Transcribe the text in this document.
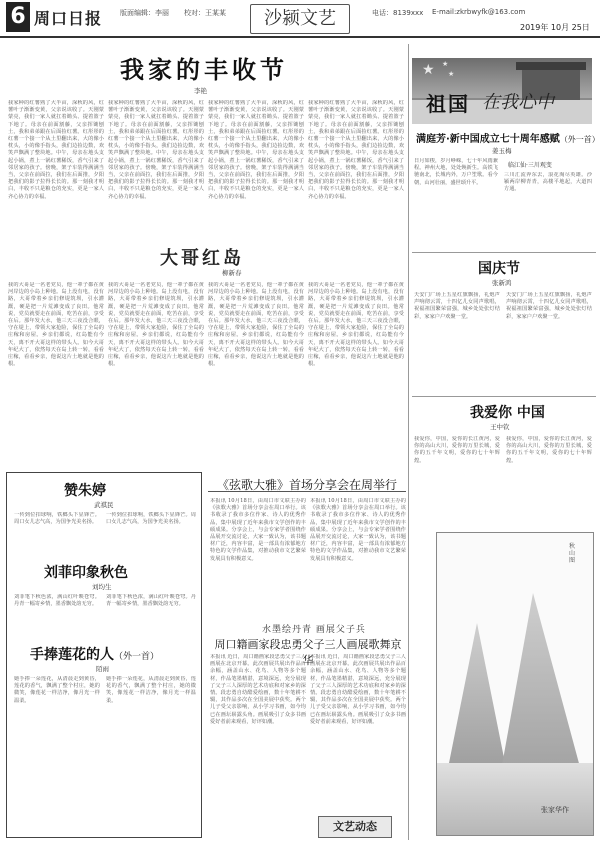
6 周口日报	版面编辑：李丽 校对：王某某	沙颍文艺	电话：8139xxx E-mail:zkrbwyfk@163.com
2019年 10月 25日
我家的丰收节
李艳
我家种的红薯熟了大半亩，深秋的风，红薯叶子渐渐变黄，父亲说该收了。天刚蒙蒙亮，我们一家人就扛着锄头、提着篮子下地了。母亲在前面割藤，父亲挥锄刨土，我和弟弟跟在后面捡红薯。红彤彤的红薯一个接一个从土里翻出来，大的像小枕头，小的像手指头，我们边捡边数，欢笑声飘满了整块地。中午，母亲在地头支起小锅，煮上一锅红薯稀饭，香气引来了邻居家的孩子。傍晚，架子车装得满满当当，父亲在前面拉，我们在后面推，夕阳把我们的影子拉得长长的。那一刻我才明白，丰收不只是粮仓的充实，更是一家人齐心协力的幸福。
我家种的红薯熟了大半亩，深秋的风，红薯叶子渐渐变黄，父亲说该收了。天刚蒙蒙亮，我们一家人就扛着锄头、提着篮子下地了。母亲在前面割藤，父亲挥锄刨土，我和弟弟跟在后面捡红薯。红彤彤的红薯一个接一个从土里翻出来，大的像小枕头，小的像手指头，我们边捡边数，欢笑声飘满了整块地。中午，母亲在地头支起小锅，煮上一锅红薯稀饭，香气引来了邻居家的孩子。傍晚，架子车装得满满当当，父亲在前面拉，我们在后面推，夕阳把我们的影子拉得长长的。那一刻我才明白，丰收不只是粮仓的充实，更是一家人齐心协力的幸福。
我家种的红薯熟了大半亩，深秋的风，红薯叶子渐渐变黄，父亲说该收了。天刚蒙蒙亮，我们一家人就扛着锄头、提着篮子下地了。母亲在前面割藤，父亲挥锄刨土，我和弟弟跟在后面捡红薯。红彤彤的红薯一个接一个从土里翻出来，大的像小枕头，小的像手指头，我们边捡边数，欢笑声飘满了整块地。中午，母亲在地头支起小锅，煮上一锅红薯稀饭，香气引来了邻居家的孩子。傍晚，架子车装得满满当当，父亲在前面拉，我们在后面推，夕阳把我们的影子拉得长长的。那一刻我才明白，丰收不只是粮仓的充实，更是一家人齐心协力的幸福。
我家种的红薯熟了大半亩，深秋的风，红薯叶子渐渐变黄，父亲说该收了。天刚蒙蒙亮，我们一家人就扛着锄头、提着篮子下地了。母亲在前面割藤，父亲挥锄刨土，我和弟弟跟在后面捡红薯。红彤彤的红薯一个接一个从土里翻出来，大的像小枕头，小的像手指头，我们边捡边数，欢笑声飘满了整块地。中午，母亲在地头支起小锅，煮上一锅红薯稀饭，香气引来了邻居家的孩子。傍晚，架子车装得满满当当，父亲在前面拉，我们在后面推，夕阳把我们的影子拉得长长的。那一刻我才明白，丰收不只是粮仓的充实，更是一家人齐心协力的幸福。
大哥红岛
柳新春
我的大哥是一名老党员，他一辈子都在黄河岸边的小岛上种地。岛上没有电，没有路，大哥带着乡亲们修堤筑坝，引水灌溉，硬是把一片荒滩变成了良田。他常说，党员就要走在前面，吃苦在前，享受在后。那年发大水，他三天三夜没合眼，守在堤上，带领大家抢险，保住了全岛的庄稼和房屋。乡亲们都说，红岛能有今天，离不开大哥这样的带头人。如今大哥年纪大了，依然每天在岛上转一转，看看庄稼，看看乡亲，他说这片土地就是他的根。
我的大哥是一名老党员，他一辈子都在黄河岸边的小岛上种地。岛上没有电，没有路，大哥带着乡亲们修堤筑坝，引水灌溉，硬是把一片荒滩变成了良田。他常说，党员就要走在前面，吃苦在前，享受在后。那年发大水，他三天三夜没合眼，守在堤上，带领大家抢险，保住了全岛的庄稼和房屋。乡亲们都说，红岛能有今天，离不开大哥这样的带头人。如今大哥年纪大了，依然每天在岛上转一转，看看庄稼，看看乡亲，他说这片土地就是他的根。
我的大哥是一名老党员，他一辈子都在黄河岸边的小岛上种地。岛上没有电，没有路，大哥带着乡亲们修堤筑坝，引水灌溉，硬是把一片荒滩变成了良田。他常说，党员就要走在前面，吃苦在前，享受在后。那年发大水，他三天三夜没合眼，守在堤上，带领大家抢险，保住了全岛的庄稼和房屋。乡亲们都说，红岛能有今天，离不开大哥这样的带头人。如今大哥年纪大了，依然每天在岛上转一转，看看庄稼，看看乡亲，他说这片土地就是他的根。
我的大哥是一名老党员，他一辈子都在黄河岸边的小岛上种地。岛上没有电，没有路，大哥带着乡亲们修堤筑坝，引水灌溉，硬是把一片荒滩变成了良田。他常说，党员就要走在前面，吃苦在前，享受在后。那年发大水，他三天三夜没合眼，守在堤上，带领大家抢险，保住了全岛的庄稼和房屋。乡亲们都说，红岛能有今天，离不开大哥这样的带头人。如今大哥年纪大了，依然每天在岛上转一转，看看庄稼，看看乡亲，他说这片土地就是他的根。
★ ★
★
祖国 在我心中
满庭芳·新中国成立七十周年感赋（外一首）
姜玉梅
日月如梭，岁月峥嵘，七十年风雨兼程。神州大地，处处焕新生。高铁飞驰南北，长城内外，万户笙歌。看今朝，山河壮丽，盛世颂升平。
临江仙·三川观变
三川汇流奔东去，浪花淘尽英雄。沙颍两岸柳青青，高楼平地起，大道四方通。
国庆节
张新鸿
天安门广场上五星红旗飘扬，礼炮声声响彻云霄，十四亿儿女同声歌唱，祝福祖国繁荣富强，城乡处处张灯结彩，家家户户欢聚一堂。
天安门广场上五星红旗飘扬，礼炮声声响彻云霄，十四亿儿女同声歌唱，祝福祖国繁荣富强，城乡处处张灯结彩，家家户户欢聚一堂。
我爱你 中国
王中钦
我爱你，中国，爱你的长江黄河，爱你的高山大川，爱你的万里长城，爱你的五千年文明，爱你的七十年辉煌。
我爱你，中国，爱你的长江黄河，爱你的高山大川，爱你的万里长城，爱你的五千年文明，爱你的七十年辉煌。
秋山图
张家华作
赞朱婷
武祺民
一传到位扣球响，铁榔头下显锋芒。周口女儿志气高，为国争光美名扬。
一传到位扣球响，铁榔头下显锋芒。周口女儿志气高，为国争光美名扬。
刘菲印象秋色
刘均生
刘菲笔下秋色浓，满山红叶映苍穹。丹青一幅寄乡情，墨香飘处韵无穷。
刘菲笔下秋色浓，满山红叶映苍穹。丹青一幅寄乡情，墨香飘处韵无穷。
手捧莲花的人（外一首）
陌雨
她手捧一朵莲花，从清晨走到黄昏，莲花的香气，飘满了整个村庄，她的微笑，像莲花一样洁净，像月光一样温柔。
她手捧一朵莲花，从清晨走到黄昏，莲花的香气，飘满了整个村庄，她的微笑，像莲花一样洁净，像月光一样温柔。
《弦歌大雅》首场分享会在周举行
本报讯 10月18日，由周口市文联主办的《弦歌大雅》首场分享会在周口举行。该书收录了我市多位作家、诗人的优秀作品，集中展现了近年来我市文学创作的丰硕成果。分享会上，与会专家学者围绕作品展开交流讨论，大家一致认为，该书题材广泛，内容丰富，是一部具有浓郁地方特色的文学作品集，对推动我市文艺繁荣发展具有积极意义。
本报讯 10月18日，由周口市文联主办的《弦歌大雅》首场分享会在周口举行。该书收录了我市多位作家、诗人的优秀作品，集中展现了近年来我市文学创作的丰硕成果。分享会上，与会专家学者围绕作品展开交流讨论，大家一致认为，该书题材广泛，内容丰富，是一部具有浓郁地方特色的文学作品集，对推动我市文艺繁荣发展具有积极意义。
水墨绘丹青 画展父子兵
周口籍画家段忠勇父子三人画展歌舞京华
本报讯 近日，周口籍画家段忠勇父子三人画展在北京开幕。此次画展共展出作品百余幅，涵盖山水、花鸟、人物等多个题材，作品笔墨精湛，意境深远，充分展现了父子三人深厚的艺术功底和对家乡的深情。段忠勇自幼酷爱绘画，数十年笔耕不辍，其作品多次在全国美展中获奖。两个儿子受父亲影响，从小学习书画，如今均已在画坛崭露头角。画展吸引了众多书画爱好者前来观看，好评如潮。
本报讯 近日，周口籍画家段忠勇父子三人画展在北京开幕。此次画展共展出作品百余幅，涵盖山水、花鸟、人物等多个题材，作品笔墨精湛，意境深远，充分展现了父子三人深厚的艺术功底和对家乡的深情。段忠勇自幼酷爱绘画，数十年笔耕不辍，其作品多次在全国美展中获奖。两个儿子受父亲影响，从小学习书画，如今均已在画坛崭露头角。画展吸引了众多书画爱好者前来观看，好评如潮。
文艺动态
